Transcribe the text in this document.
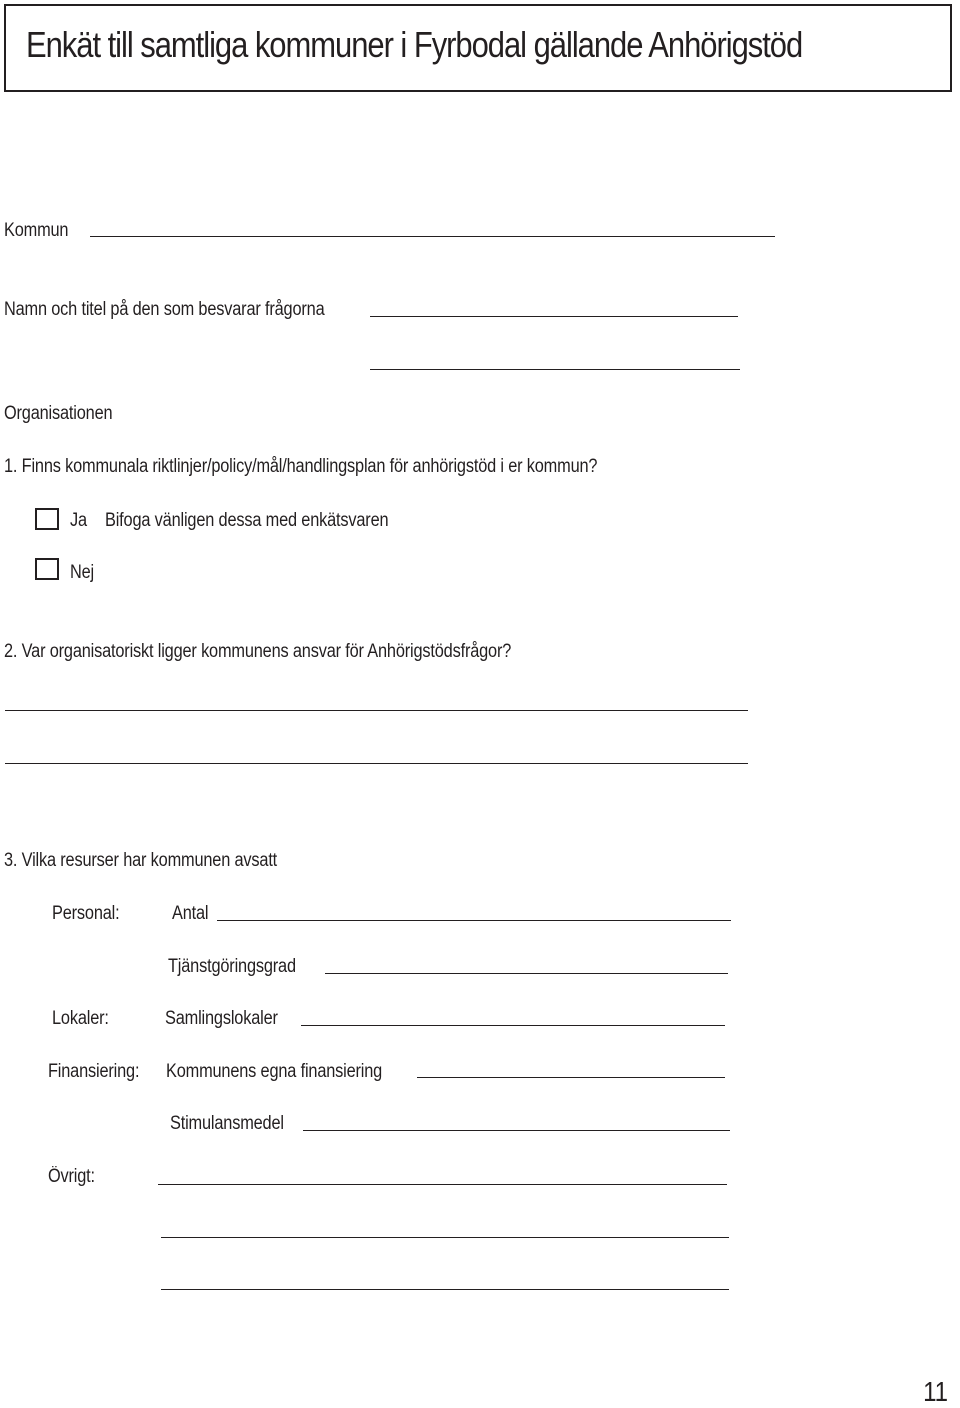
Enkät till samtliga kommuner i Fyrbodal gällande Anhörigstöd
Kommun
Namn och titel på den som besvarar frågorna
Organisationen
1. Finns kommunala riktlinjer/policy/mål/handlingsplan för anhörigstöd i er kommun?
Ja Bifoga vänligen dessa med enkätsvaren
Nej
2. Var organisatoriskt ligger kommunens ansvar för Anhörigstödsfrågor?
3. Vilka resurser har kommunen avsatt
Personal:	Antal
Tjänstgöringsgrad
Lokaler:	Samlingslokaler
Finansiering: Kommunens egna finansiering
Stimulansmedel
Övrigt:
11
